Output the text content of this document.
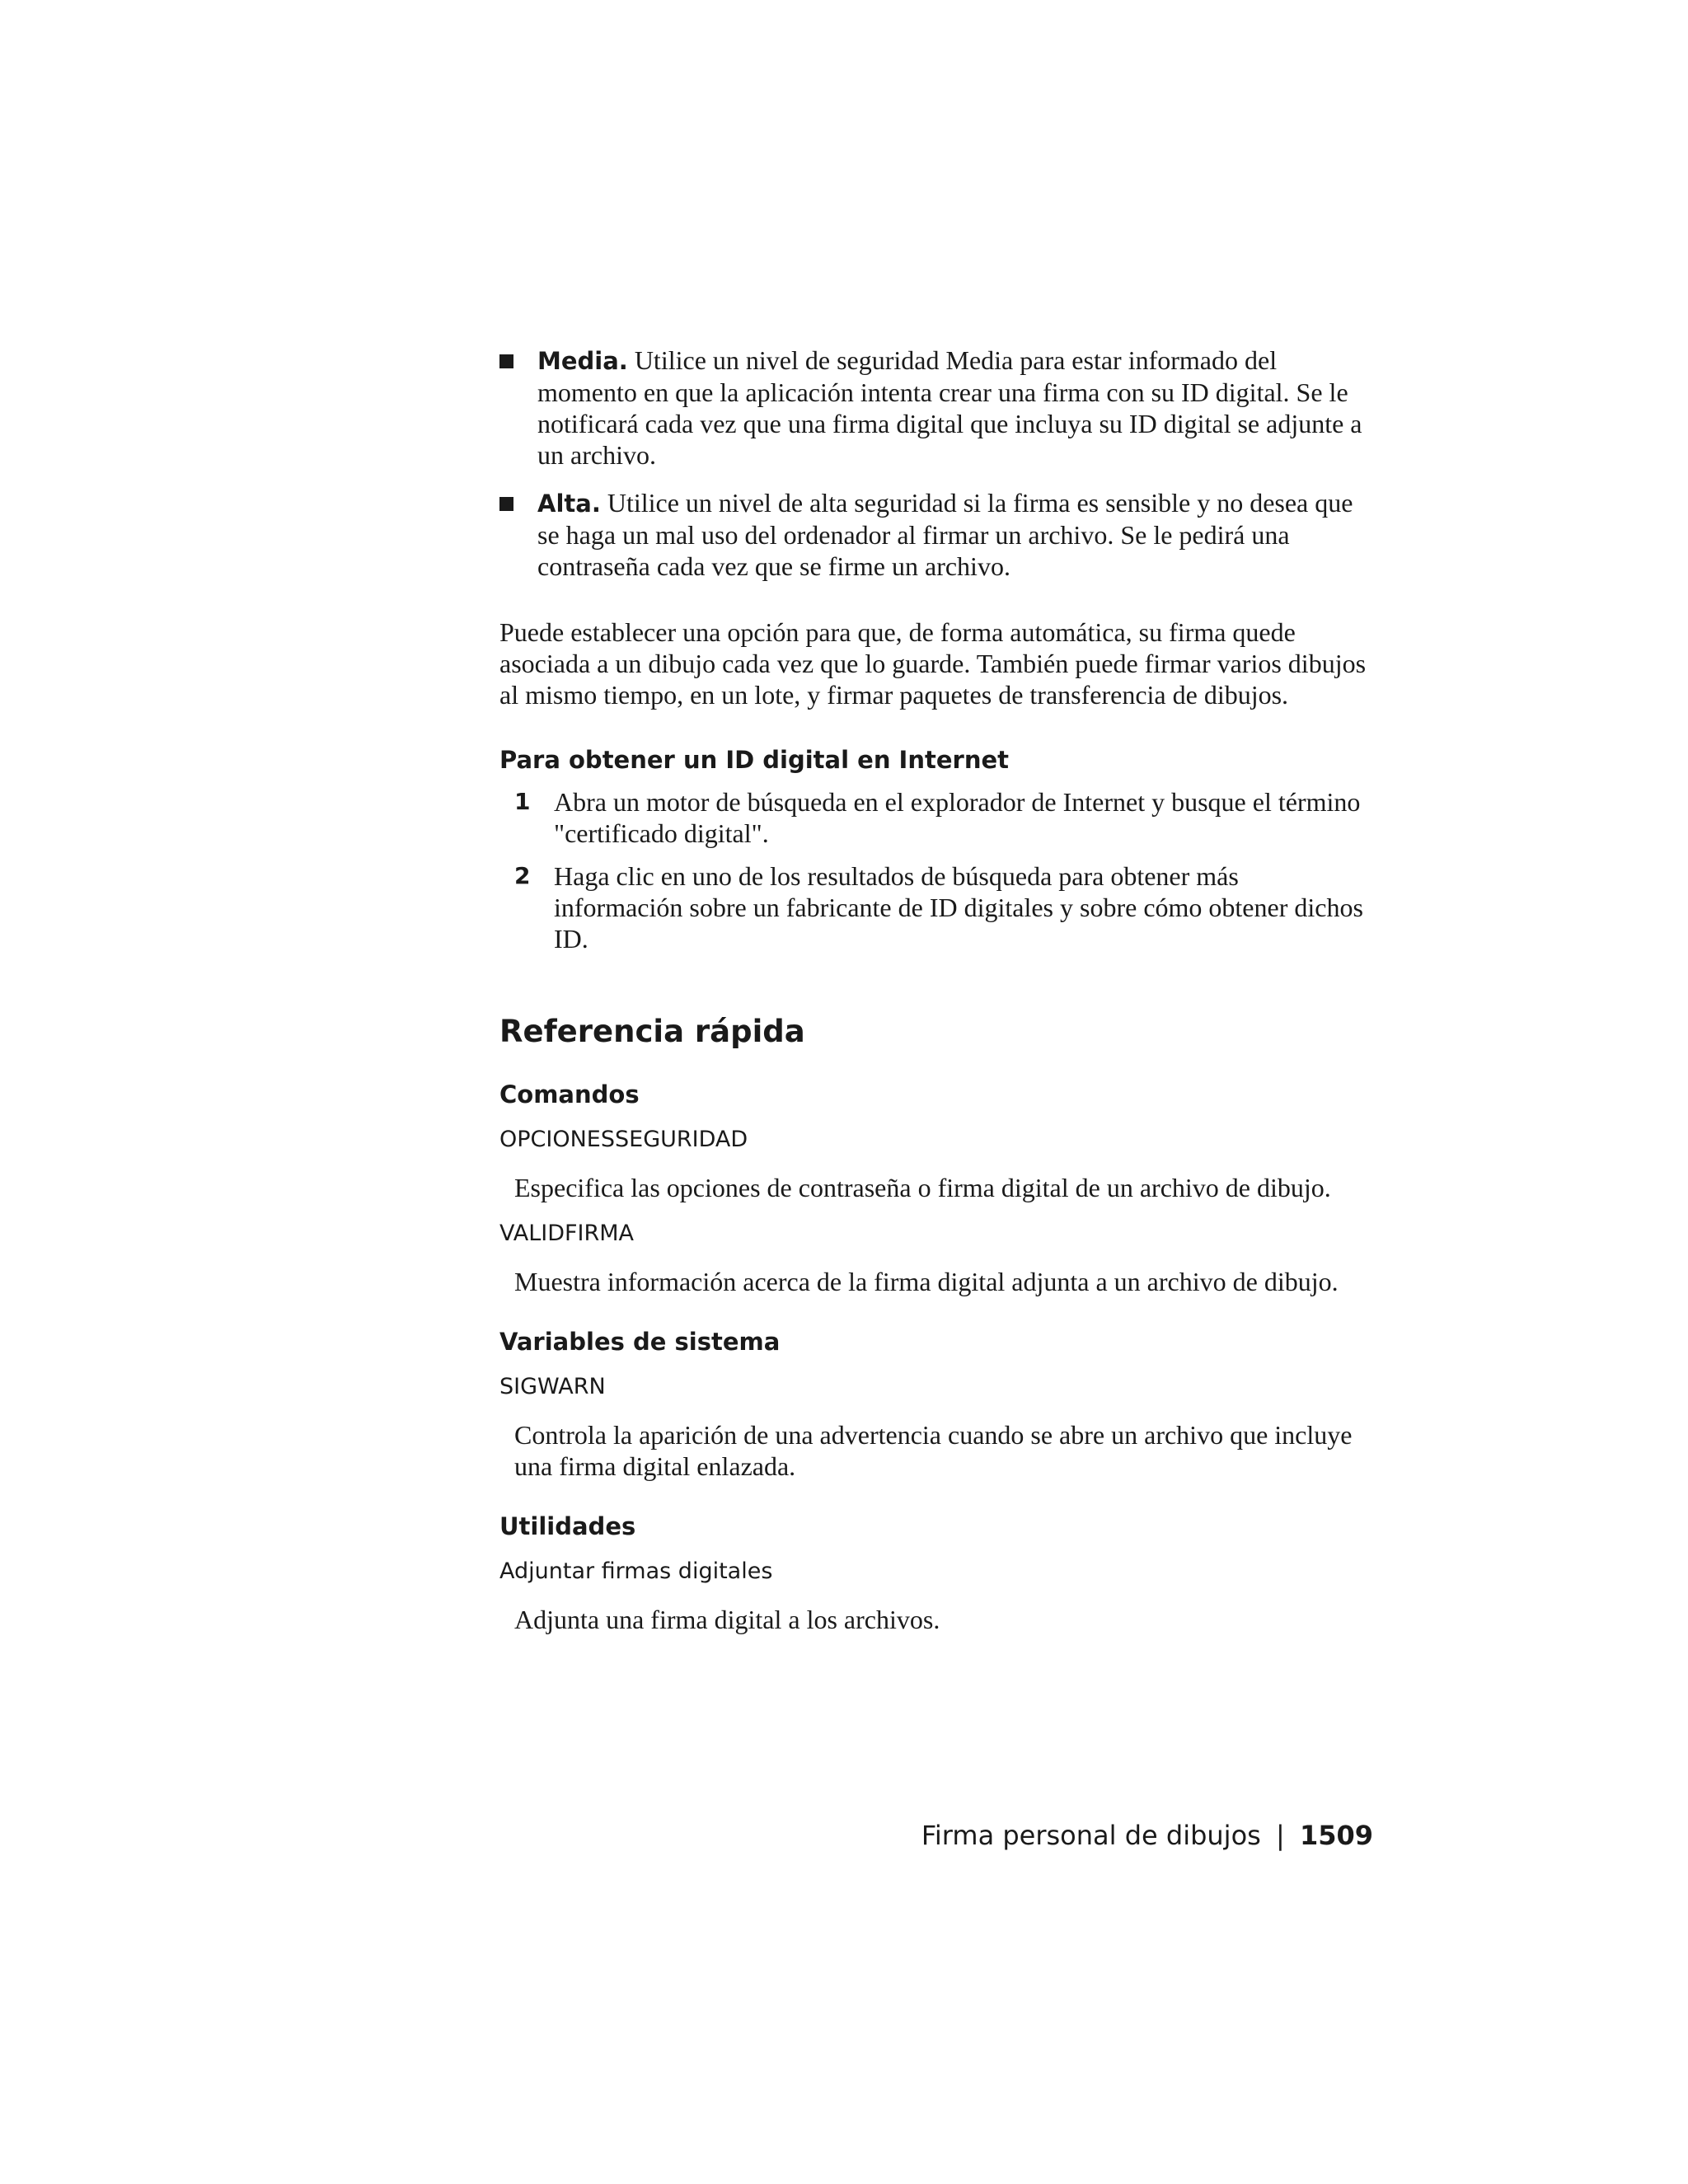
Media. Utilice un nivel de seguridad Media para estar informado del momento en que la aplicación intenta crear una firma con su ID digital. Se le notificará cada vez que una firma digital que incluya su ID digital se adjunte a un archivo.
Alta. Utilice un nivel de alta seguridad si la firma es sensible y no desea que se haga un mal uso del ordenador al firmar un archivo. Se le pedirá una contraseña cada vez que se firme un archivo.
Puede establecer una opción para que, de forma automática, su firma quede asociada a un dibujo cada vez que lo guarde. También puede firmar varios dibujos al mismo tiempo, en un lote, y firmar paquetes de transferencia de dibujos.
Para obtener un ID digital en Internet
1 Abra un motor de búsqueda en el explorador de Internet y busque el término "certificado digital".
2 Haga clic en uno de los resultados de búsqueda para obtener más información sobre un fabricante de ID digitales y sobre cómo obtener dichos ID.
Referencia rápida
Comandos
OPCIONESSEGURIDAD
Especifica las opciones de contraseña o firma digital de un archivo de dibujo.
VALIDFIRMA
Muestra información acerca de la firma digital adjunta a un archivo de dibujo.
Variables de sistema
SIGWARN
Controla la aparición de una advertencia cuando se abre un archivo que incluye una firma digital enlazada.
Utilidades
Adjuntar firmas digitales
Adjunta una firma digital a los archivos.
Firma personal de dibujos | 1509
